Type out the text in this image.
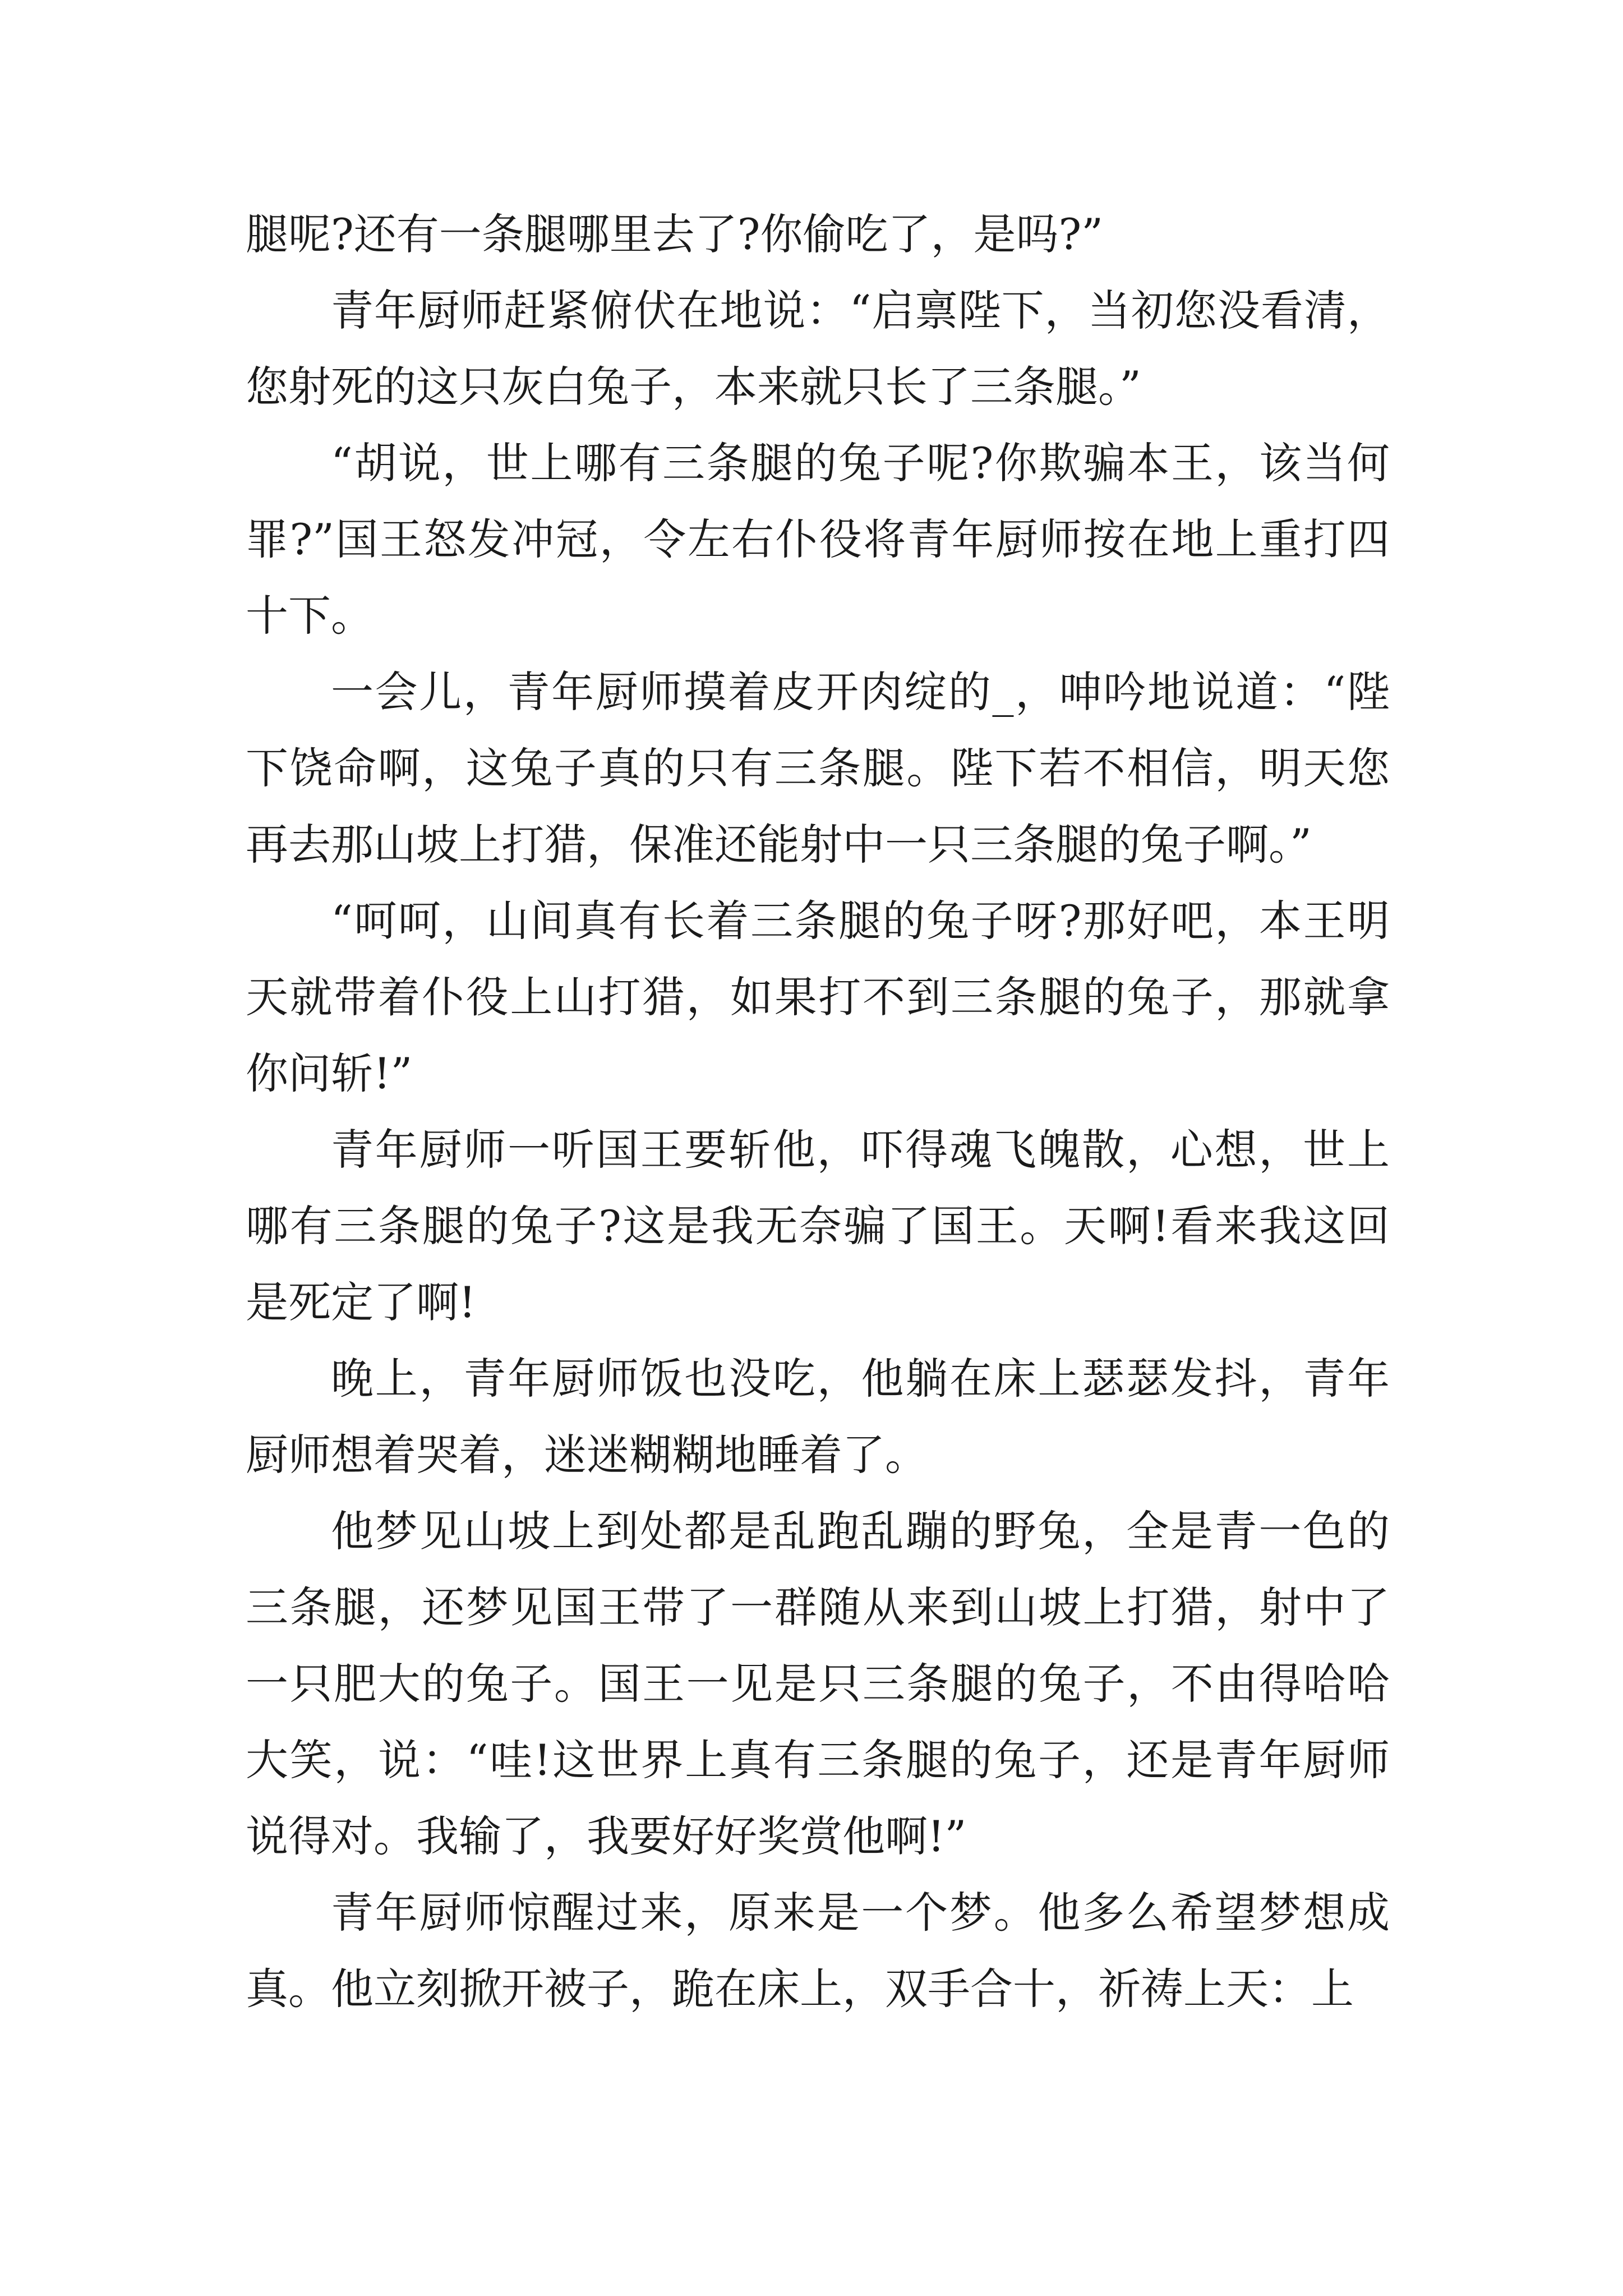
腿呢?还有一条腿哪里去了?你偷吃了，是吗?”

青年厨师赶紧俯伏在地说：“启禀陛下，当初您没看清，您射死的这只灰白兔子，本来就只长了三条腿。”

“胡说，世上哪有三条腿的兔子呢?你欺骗本王，该当何罪?”国王怒发冲冠，令左右仆役将青年厨师按在地上重打四十下。

一会儿，青年厨师摸着皮开肉绽的_，呻吟地说道：“陛下饶命啊，这兔子真的只有三条腿。陛下若不相信，明天您再去那山坡上打猎，保准还能射中一只三条腿的兔子啊。”

“呵呵，山间真有长着三条腿的兔子呀?那好吧，本王明天就带着仆役上山打猎，如果打不到三条腿的兔子，那就拿你问斩!”

青年厨师一听国王要斩他，吓得魂飞魄散，心想，世上哪有三条腿的兔子?这是我无奈骗了国王。天啊!看来我这回是死定了啊!

晚上，青年厨师饭也没吃，他躺在床上瑟瑟发抖，青年厨师想着哭着，迷迷糊糊地睡着了。

他梦见山坡上到处都是乱跑乱蹦的野兔，全是青一色的三条腿，还梦见国王带了一群随从来到山坡上打猎，射中了一只肥大的兔子。国王一见是只三条腿的兔子，不由得哈哈大笑，说：“哇!这世界上真有三条腿的兔子，还是青年厨师说得对。我输了，我要好好奖赏他啊!”

青年厨师惊醒过来，原来是一个梦。他多么希望梦想成真。他立刻掀开被子，跪在床上，双手合十，祈祷上天：上
